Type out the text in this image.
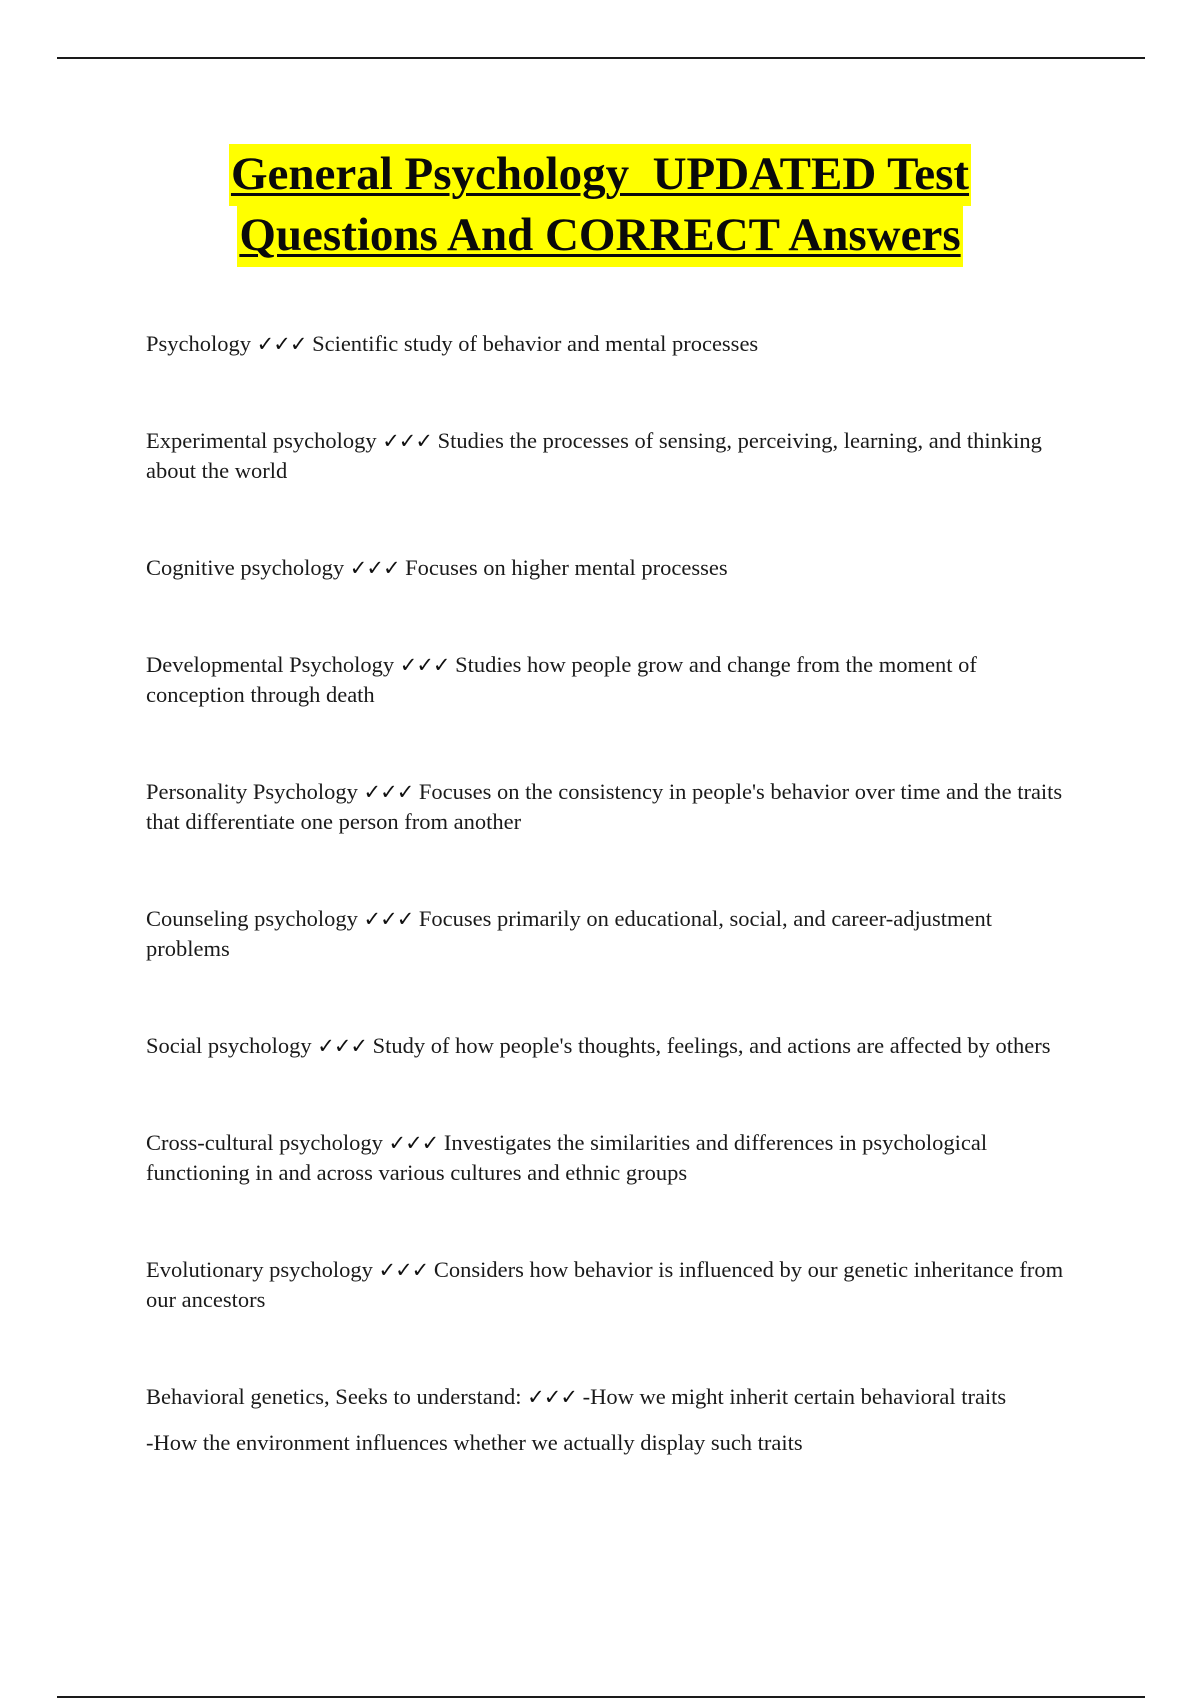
General Psychology  UPDATED Test
Questions And CORRECT Answers

Psychology ✓✓✓ Scientific study of behavior and mental processes

Experimental psychology ✓✓✓ Studies the processes of sensing, perceiving, learning, and thinking about the world

Cognitive psychology ✓✓✓ Focuses on higher mental processes

Developmental Psychology ✓✓✓ Studies how people grow and change from the moment of conception through death

Personality Psychology ✓✓✓ Focuses on the consistency in people's behavior over time and the traits that differentiate one person from another

Counseling psychology ✓✓✓ Focuses primarily on educational, social, and career-adjustment problems

Social psychology ✓✓✓ Study of how people's thoughts, feelings, and actions are affected by others

Cross-cultural psychology ✓✓✓ Investigates the similarities and differences in psychological functioning in and across various cultures and ethnic groups

Evolutionary psychology ✓✓✓ Considers how behavior is influenced by our genetic inheritance from our ancestors

Behavioral genetics, Seeks to understand: ✓✓✓ -How we might inherit certain behavioral traits

-How the environment influences whether we actually display such traits
